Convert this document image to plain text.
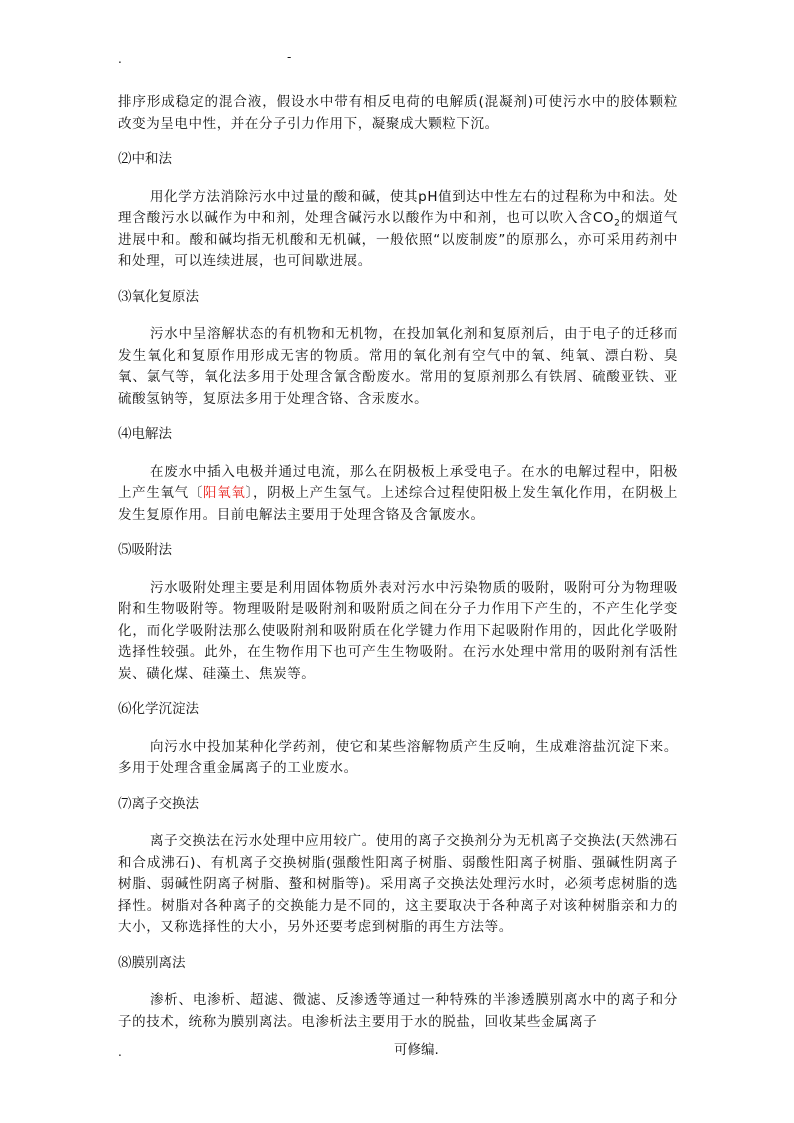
.	-

排序形成稳定的混合液，假设水中带有相反电荷的电解质(混凝剂)可使污水中的胶体颗粒改变为呈电中性，并在分子引力作用下，凝聚成大颗粒下沉。

⑵中和法

用化学方法消除污水中过量的酸和碱，使其pH值到达中性左右的过程称为中和法。处理含酸污水以碱作为中和剂，处理含碱污水以酸作为中和剂，也可以吹入含$CO_2$的烟道气进展中和。酸和碱均指无机酸和无机碱，一般依照“以废制废”的原那么，亦可采用药剂中和处理，可以连续进展，也可间歇进展。

⑶氧化复原法

污水中呈溶解状态的有机物和无机物，在投加氧化剂和复原剂后，由于电子的迁移而发生氧化和复原作用形成无害的物质。常用的氧化剂有空气中的氧、纯氧、漂白粉、臭氧、氯气等，氧化法多用于处理含氰含酚废水。常用的复原剂那么有铁屑、硫酸亚铁、亚硫酸氢钠等，复原法多用于处理含铬、含汞废水。

⑷电解法

在废水中插入电极并通过电流，那么在阴极板上承受电子。在水的电解过程中，阳极上产生氧气〔阳氧氧〕，阴极上产生氢气。上述综合过程使阳极上发生氧化作用，在阴极上发生复原作用。目前电解法主要用于处理含铬及含氰废水。

⑸吸附法

污水吸附处理主要是利用固体物质外表对污水中污染物质的吸附，吸附可分为物理吸附和生物吸附等。物理吸附是吸附剂和吸附质之间在分子力作用下产生的，不产生化学变化，而化学吸附法那么使吸附剂和吸附质在化学键力作用下起吸附作用的，因此化学吸附选择性较强。此外，在生物作用下也可产生生物吸附。在污水处理中常用的吸附剂有活性炭、磺化煤、硅藻土、焦炭等。

⑹化学沉淀法

向污水中投加某种化学药剂，使它和某些溶解物质产生反响，生成难溶盐沉淀下来。多用于处理含重金属离子的工业废水。

⑺离子交换法

离子交换法在污水处理中应用较广。使用的离子交换剂分为无机离子交换法(天然沸石和合成沸石)、有机离子交换树脂(强酸性阳离子树脂、弱酸性阳离子树脂、强碱性阴离子树脂、弱碱性阴离子树脂、螯和树脂等)。采用离子交换法处理污水时，必须考虑树脂的选择性。树脂对各种离子的交换能力是不同的，这主要取决于各种离子对该种树脂亲和力的大小，又称选择性的大小，另外还要考虑到树脂的再生方法等。

⑻膜别离法

渗析、电渗析、超滤、微滤、反渗透等通过一种特殊的半渗透膜别离水中的离子和分子的技术，统称为膜别离法。电渗析法主要用于水的脱盐，回收某些金属离子

.	可修编.
